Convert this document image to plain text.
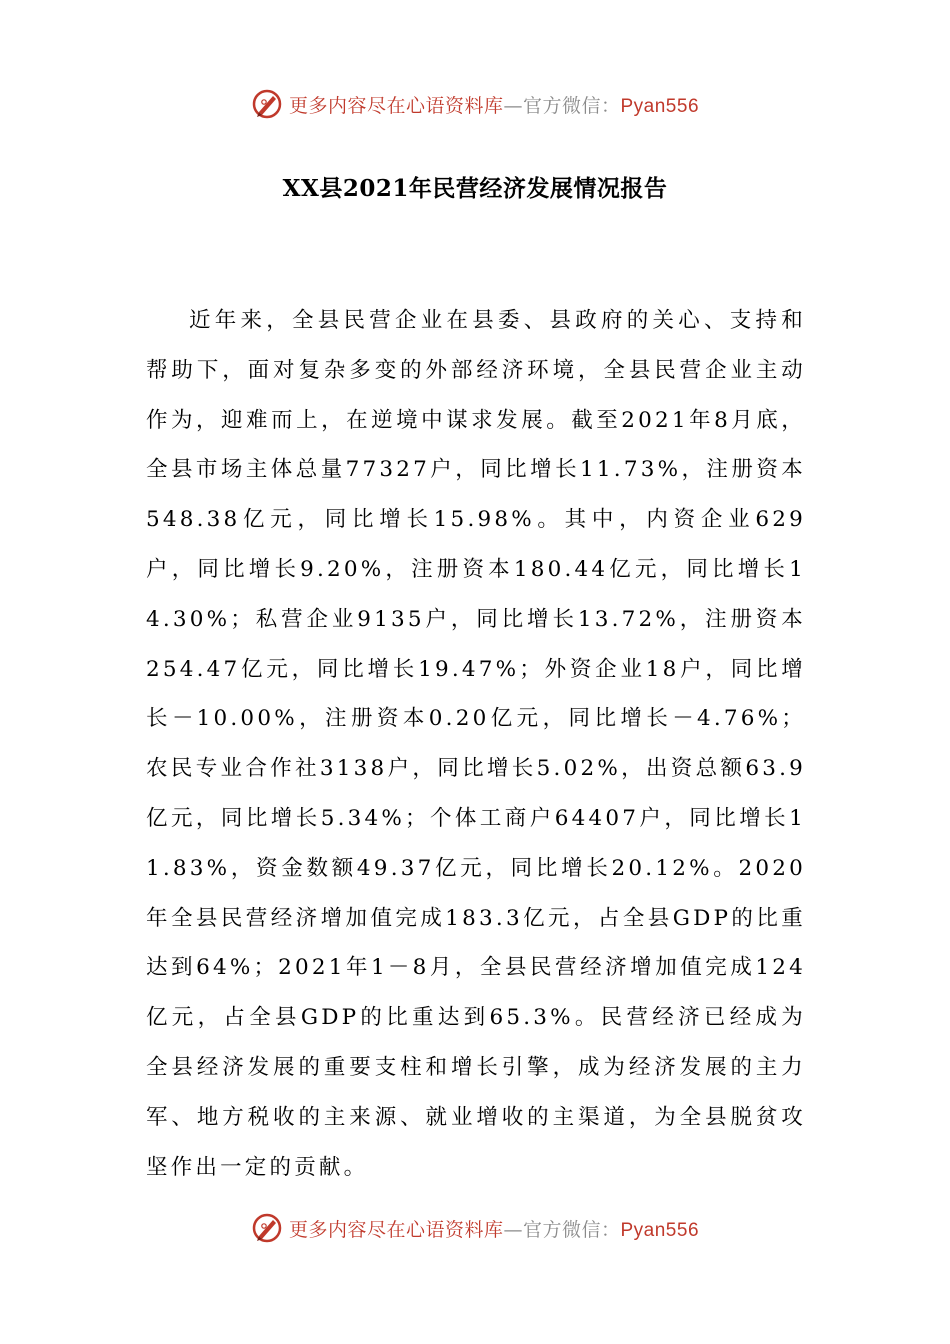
更多内容尽在心语资料库—官方微信：Pyan556
XX县2021年民营经济发展情况报告

近年来，全县民营企业在县委、县政府的关心、支持和帮助下，面对复杂多变的外部经济环境，全县民营企业主动作为，迎难而上，在逆境中谋求发展。截至2021年8月底，全县市场主体总量77327户，同比增长11.73%，注册资本548.38亿元，同比增长15.98%。其中，内资企业629户，同比增长9.20%，注册资本180.44亿元，同比增长14.30%；私营企业9135户，同比增长13.72%，注册资本254.47亿元，同比增长19.47%；外资企业18户，同比增长－10.00%，注册资本0.20亿元，同比增长－4.76%；农民专业合作社3138户，同比增长5.02%，出资总额63.9亿元，同比增长5.34%；个体工商户64407户，同比增长11.83%，资金数额49.37亿元，同比增长20.12%。2020年全县民营经济增加值完成183.3亿元，占全县GDP的比重达到64%；2021年1－8月，全县民营经济增加值完成124亿元，占全县GDP的比重达到65.3%。民营经济已经成为全县经济发展的重要支柱和增长引擎，成为经济发展的主力军、地方税收的主来源、就业增收的主渠道，为全县脱贫攻坚作出一定的贡献。

更多内容尽在心语资料库—官方微信：Pyan556
